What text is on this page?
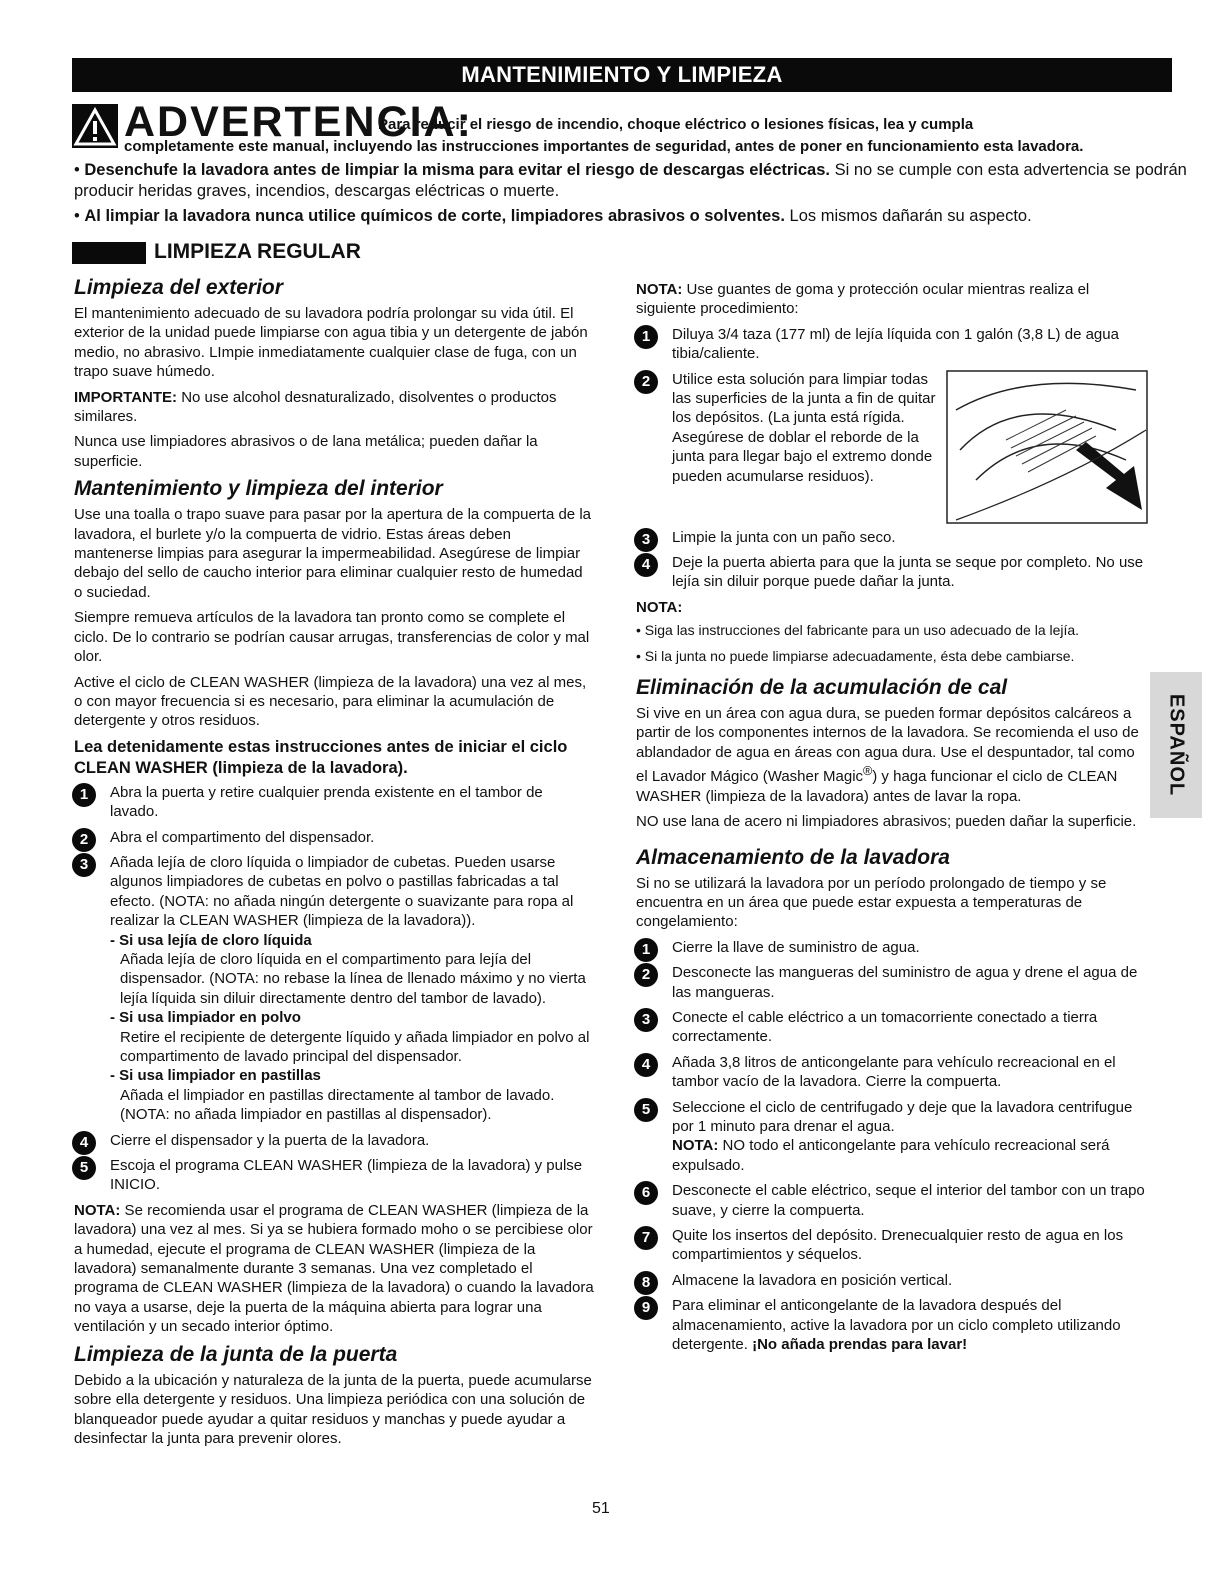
MANTENIMIENTO Y LIMPIEZA
ADVERTENCIA:
Para reducir el riesgo de incendio, choque eléctrico o lesiones físicas, lea y cumpla
completamente este manual, incluyendo las instrucciones importantes de seguridad, antes de poner en funcionamiento esta lavadora.
• Desenchufe la lavadora antes de limpiar la misma para evitar el riesgo de descargas eléctricas. Si no se cumple con esta advertencia se podrán producir heridas graves, incendios, descargas eléctricas o muerte.
• Al limpiar la lavadora nunca utilice químicos de corte, limpiadores abrasivos o solventes. Los mismos dañarán su aspecto.
LIMPIEZA REGULAR
Limpieza del exterior

El mantenimiento adecuado de su lavadora podría prolongar su vida útil. El exterior de la unidad puede limpiarse con agua tibia y un detergente de jabón medio, no abrasivo. LImpie inmediatamente cualquier clase de fuga, con un trapo suave húmedo.

IMPORTANTE: No use alcohol desnaturalizado, disolventes o productos similares.

Nunca use limpiadores abrasivos o de lana metálica; pueden dañar la superficie.

Mantenimiento y limpieza del interior

Use una toalla o trapo suave para pasar por la apertura de la compuerta de la lavadora, el burlete y/o la compuerta de vidrio. Estas áreas deben mantenerse limpias para asegurar la impermeabilidad. Asegúrese de limpiar debajo del sello de caucho interior para eliminar cualquier resto de humedad o suciedad.

Siempre remueva artículos de la lavadora tan pronto como se complete el ciclo. De lo contrario se podrían causar arrugas, transferencias de color y mal olor.

Active el ciclo de CLEAN WASHER (limpieza de la lavadora) una vez al mes, o con mayor frecuencia si es necesario, para eliminar la acumulación de detergente y otros residuos.

Lea detenidamente estas instrucciones antes de iniciar el ciclo CLEAN WASHER (limpieza de la lavadora).

1	Abra la puerta y retire cualquier prenda existente en el tambor de lavado.
2	Abra el compartimento del dispensador.
3	Añada lejía de cloro líquida o limpiador de cubetas. Pueden usarse algunos limpiadores de cubetas en polvo o pastillas fabricadas a tal efecto. (NOTA: no añada ningún detergente o suavizante para ropa al realizar la CLEAN WASHER (limpieza de la lavadora)).
- Si usa lejía de cloro líquida
Añada lejía de cloro líquida en el compartimento para lejía del dispensador. (NOTA: no rebase la línea de llenado máximo y no vierta lejía líquida sin diluir directamente dentro del tambor de lavado).
- Si usa limpiador en polvo
Retire el recipiente de detergente líquido y añada limpiador en polvo al compartimento de lavado principal del dispensador.
- Si usa limpiador en pastillas
Añada el limpiador en pastillas directamente al tambor de lavado. (NOTA: no añada limpiador en pastillas al dispensador).
4	Cierre el dispensador y la puerta de la lavadora.
5	Escoja el programa CLEAN WASHER (limpieza de la lavadora) y pulse INICIO.

NOTA: Se recomienda usar el programa de CLEAN WASHER (limpieza de la lavadora) una vez al mes. Si ya se hubiera formado moho o se percibiese olor a humedad, ejecute el programa de CLEAN WASHER (limpieza de la lavadora) semanalmente durante 3 semanas. Una vez completado el programa de CLEAN WASHER (limpieza de la lavadora) o cuando la lavadora no vaya a usarse, deje la puerta de la máquina abierta para lograr una ventilación y un secado interior óptimo.

Limpieza de la junta de la puerta

Debido a la ubicación y naturaleza de la junta de la puerta, puede acumularse sobre ella detergente y residuos. Una limpieza periódica con una solución de blanqueador puede ayudar a quitar residuos y manchas y puede ayudar a desinfectar la junta para prevenir olores.

NOTA: Use guantes de goma y protección ocular mientras realiza el siguiente procedimiento:

1	Diluya 3/4 taza (177 ml) de lejía líquida con 1 galón (3,8 L) de agua tibia/caliente.
2	Utilice esta solución para limpiar todas las superficies de la junta a fin de quitar los depósitos. (La junta está rígida. Asegúrese de doblar el reborde de la junta para llegar bajo el extremo donde pueden acumularse residuos).
3	Limpie la junta con un paño seco.
4	Deje la puerta abierta para que la junta se seque por completo. No use lejía sin diluir porque puede dañar la junta.

NOTA:

• Siga las instrucciones del fabricante para un uso adecuado de la lejía.
• Si la junta no puede limpiarse adecuadamente, ésta debe cambiarse.
Eliminación de la acumulación de cal

Si vive en un área con agua dura, se pueden formar depósitos calcáreos a partir de los componentes internos de la lavadora. Se recomienda el uso de ablandador de agua en áreas con agua dura. Use el despuntador, tal como el Lavador Mágico (Washer Magic®) y haga funcionar el ciclo de CLEAN WASHER (limpieza de la lavadora) antes de lavar la ropa.

NO use lana de acero ni limpiadores abrasivos; pueden dañar la superficie.

Almacenamiento de la lavadora

Si no se utilizará la lavadora por un período prolongado de tiempo y se encuentra en un área que puede estar expuesta a temperaturas de congelamiento:

1	Cierre la llave de suministro de agua.
2	Desconecte las mangueras del suministro de agua y drene el agua de las mangueras.
3	Conecte el cable eléctrico a un tomacorriente conectado a tierra correctamente.
4	Añada 3,8 litros de anticongelante para vehículo recreacional en el tambor vacío de la lavadora. Cierre la compuerta.
5	Seleccione el ciclo de centrifugado y deje que la lavadora centrifugue por 1 minuto para drenar el agua.
NOTA: NO todo el anticongelante para vehículo recreacional será expulsado.
6	Desconecte el cable eléctrico, seque el interior del tambor con un trapo suave, y cierre la compuerta.
7	Quite los insertos del depósito. Drenecualquier resto de agua en los compartimientos y séquelos.
8	Almacene la lavadora en posición vertical.
9	Para eliminar el anticongelante de la lavadora después del almacenamiento, active la lavadora por un ciclo completo utilizando detergente. ¡No añada prendas para lavar!
ESPAÑOL
51
